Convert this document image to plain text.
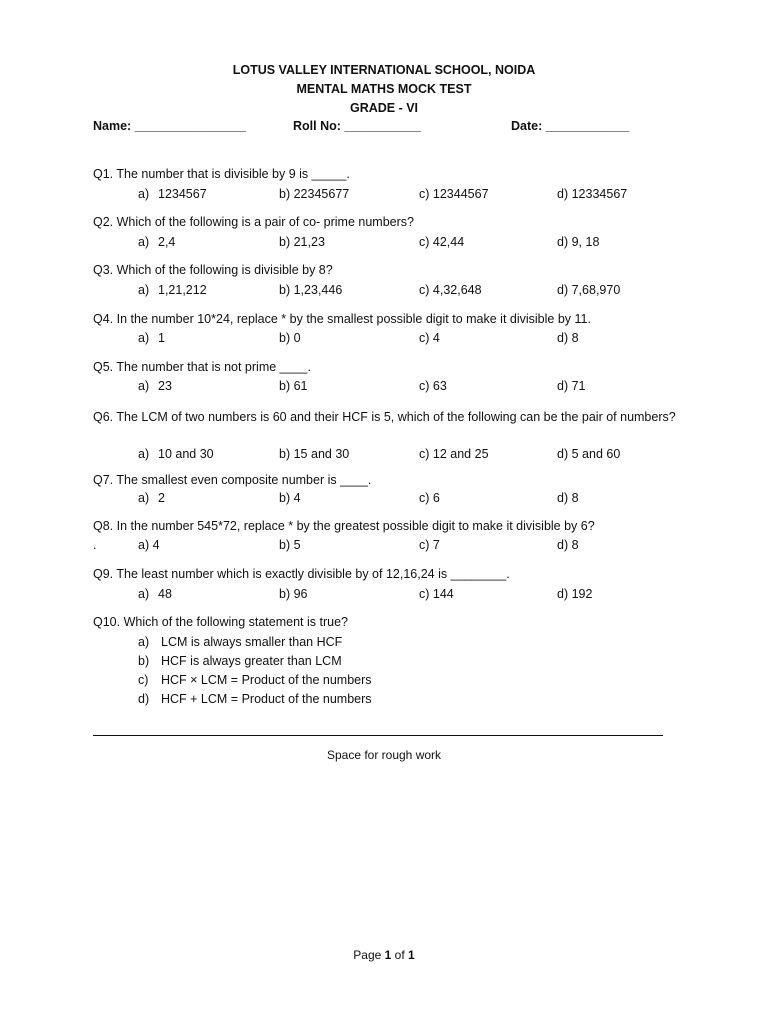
LOTUS VALLEY INTERNATIONAL SCHOOL, NOIDA
MENTAL MATHS MOCK TEST
GRADE - VI
Name: ________________	Roll No: ___________	Date: ____________
Q1. The number that is divisible by 9 is _____.
a) 1234567	b) 22345677	c) 12344567	d) 12334567
Q2. Which of the following is a pair of co- prime numbers?
a) 2,4	b) 21,23	c) 42,44	d) 9, 18
Q3. Which of the following is divisible by 8?
a) 1,21,212	b) 1,23,446	c) 4,32,648	d) 7,68,970
Q4. In the number 10*24, replace * by the smallest possible digit to make it divisible by 11.
a) 1	b) 0	c) 4	d) 8
Q5. The number that is not prime ____.
a) 23	b) 61	c) 63	d) 71
Q6. The LCM of two numbers is 60 and their HCF is 5, which of the following can be the pair of numbers?
a) 10 and 30	b) 15 and 30	c) 12 and 25	d) 5 and 60
Q7. The smallest even composite number is ____.
a) 2	b) 4	c) 6	d) 8
Q8. In the number 545*72, replace * by the greatest possible digit to make it divisible by 6?
.	a) 4	b) 5	c) 7	d) 8
Q9. The least number which is exactly divisible by of 12,16,24 is ________.
a) 48	b) 96	c) 144	d) 192
Q10. Which of the following statement is true?
a) LCM is always smaller than HCF
b) HCF is always greater than LCM
c) HCF × LCM = Product of the numbers
d) HCF + LCM = Product of the numbers
Space for rough work
Page 1 of 1
